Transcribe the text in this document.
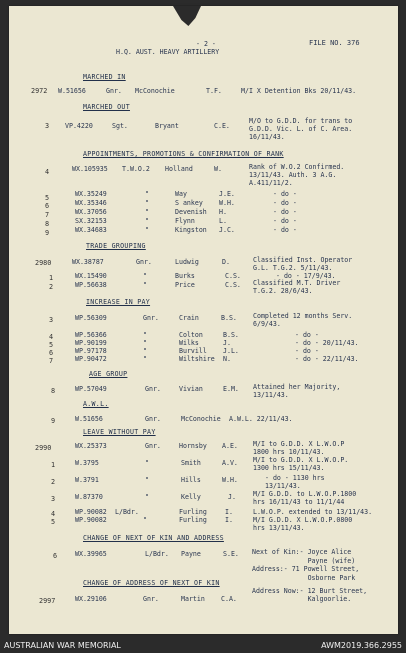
- 2 -
H.Q. AUST. HEAVY ARTILLERY
FILE NO. 376
MARCHED IN
2972 W.51656	Gnr. McConochie	T.F.	M/I X Detention Bks 20/11/43.
MARCHED OUT
3 VP.4220	Sgt.	Bryant	C.E.
M/O to G.D.D. for trans to
G.D.D. Vic. L. of C. Area.
16/11/43.
APPOINTMENTS, PROMOTIONS & CONFIRMATION OF RANK
4	WX.105935 T.W.O.2 Holland	W.	Rank of W.O.2 Confirmed.
13/11/43. Auth. 3 A.G.
A.411/11/2.
5	WX.35249	"	Way	J.E.	- do -
6	WX.35346	"	S ankey W.H.	- do -
7	WX.37056	"	Devenish H.	- do -
8	SX.32153	"	Flynn	L.	- do -
9	WX.34683	"	Kingston J.C.	- do -
TRADE GROUPING
2980	WX.38787	Gnr.	Ludwig	D.	Classified Inst. Operator
G.L. T.G.2. 5/11/43.
1	WX.15490	"	Burks	C.S.	- do - 17/9/43.
2	WP.56638	"	Price	C.S. Classified M.T. Driver
T.G.2. 28/6/43.
INCREASE IN PAY
3	WP.56309	Gnr.	Crain	B.S. Completed 12 months Serv.
6/9/43.
4	WP.56366	"	Colton	B.S.	- do -
5	WP.90199	"	Wilks	J.	- do - 20/11/43.
6	WP.97178	"	Burvill J.L.	- do -
7	WP.90472	"	Wiltshire N.	- do - 22/11/43.
AGE GROUP
8	WP.57049	Gnr.	Vivian	E.M. Attained her Majority,
13/11/43.
A.W.L.
9	W.51656	Gnr.	McConochie A.W.L. 22/11/43.
LEAVE WITHOUT PAY
2990	WX.25373	Gnr.	Hornsby A.E. M/I to G.D.D. X L.W.O.P
1800 hrs 10/11/43.
1	W.3795	"	Smith	A.V. M/I to G.D.D. X L.W.O.P.
1300 hrs 15/11/43.
2	W.3791	"	Hills	W.H.	- do - 1130 hrs
13/11/43.
3	W.87370	"	Kelly	J.	M/I G.D.D. to L.W.O.P.1800
hrs 16/11/43 to 11/1/44
4	WP.90082 L/Bdr.	Furling	I.	L.W.O.P. extended to 13/11/43.
5	WP.90082	"	Furling	I.	M/I G.D.D. X L.W.O.P.0800
hrs 13/11/43.
CHANGE OF NEXT OF KIN AND ADDRESS
6	WX.39965	L/Bdr. Payne	S.E. Next of Kin:- Joyce Alice
Payne (wife)
Address:- 71 Powell Street,
Osborne Park
CHANGE OF ADDRESS OF NEXT OF KIN
2997	WX.29106	Gnr.	Martin C.A.
Address Now:- 12 Burt Street,
Kalgoorlie.
AUSTRALIAN WAR MEMORIAL	AWM2019.366.2955
